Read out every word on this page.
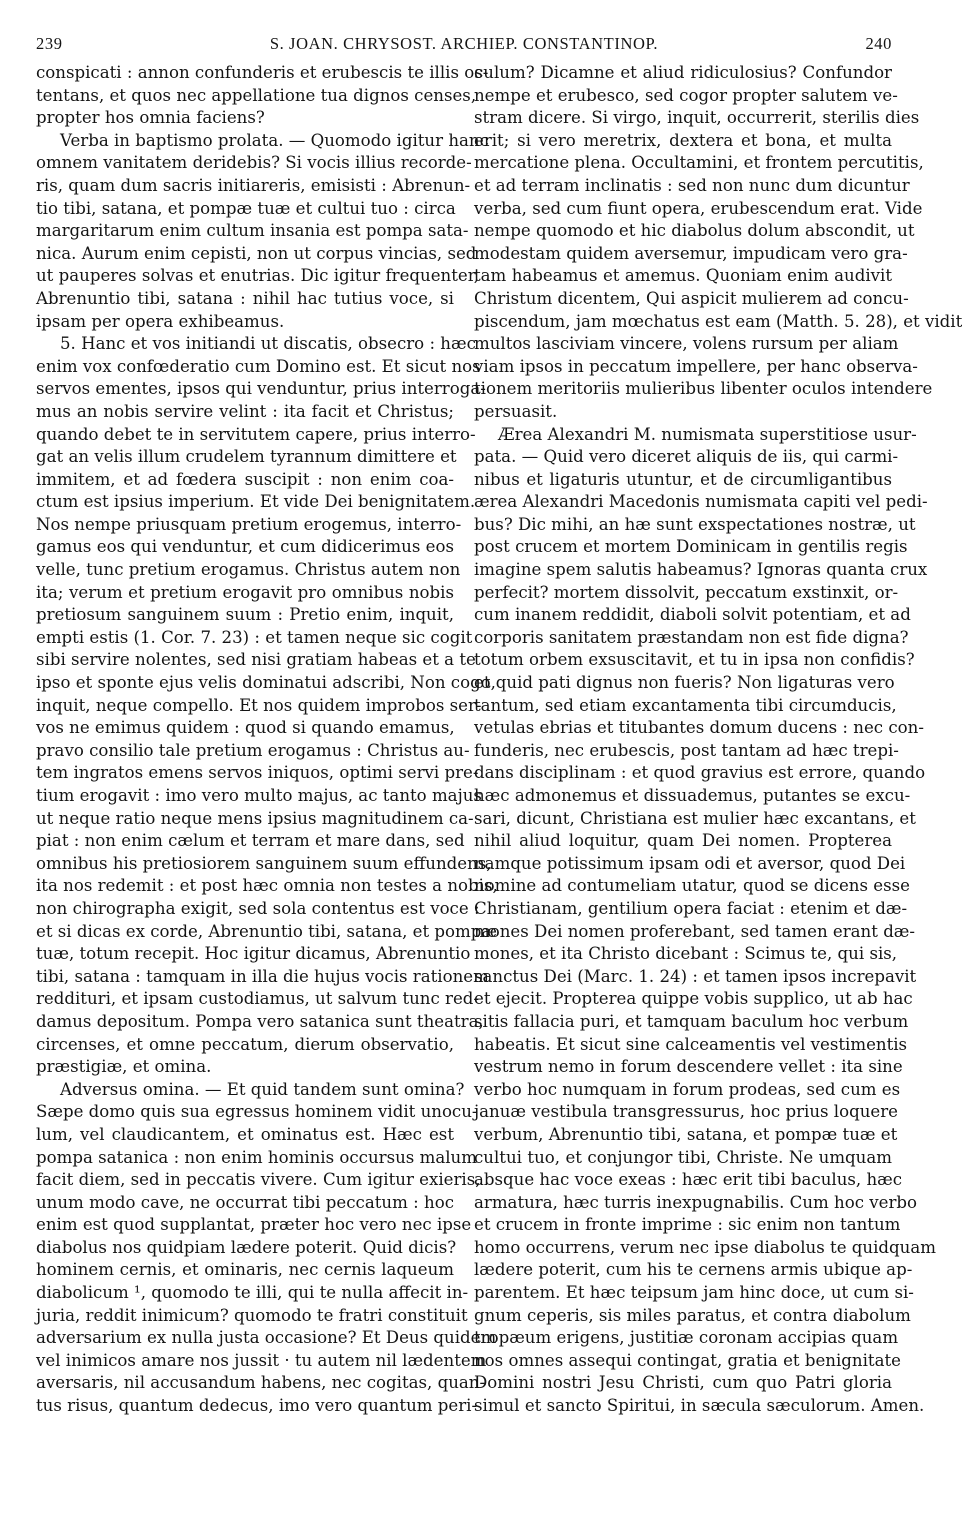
239	S. JOAN. CHRYSOST. ARCHIEP. CONSTANTINOP.	240
conspicati : annon confunderis et erubescis te illis os-
tentans, et quos nec appellatione tua dignos censes,
propter hos omnia faciens?
Verba in baptismo prolata. — Quomodo igitur hanc
omnem vanitatem deridebis? Si vocis illius recorde-
ris, quam dum sacris initiareris, emisisti : Abrenun-
tio tibi, satana, et pompæ tuæ et cultui tuo : circa
margaritarum enim cultum insania est pompa sata-
nica. Aurum enim cepisti, non ut corpus vincias, sed
ut pauperes solvas et enutrias. Dic igitur frequenter,
Abrenuntio tibi, satana : nihil hac tutius voce, si
ipsam per opera exhibeamus.
5. Hanc et vos initiandi ut discatis, obsecro : hæc
enim vox confœderatio cum Domino est. Et sicut nos
servos ementes, ipsos qui venduntur, prius interroga-
mus an nobis servire velint : ita facit et Christus;
quando debet te in servitutem capere, prius interro-
gat an velis illum crudelem tyrannum dimittere et
immitem, et ad fœdera suscipit : non enim coa-
ctum est ipsius imperium. Et vide Dei benignitatem.
Nos nempe priusquam pretium erogemus, interro-
gamus eos qui venduntur, et cum didicerimus eos
velle, tunc pretium erogamus. Christus autem non
ita; verum et pretium erogavit pro omnibus nobis
pretiosum sanguinem suum : Pretio enim, inquit,
empti estis (1. Cor. 7. 23) : et tamen neque sic cogit
sibi servire nolentes, sed nisi gratiam habeas et a te
ipso et sponte ejus velis dominatui adscribi, Non cogo,
inquit, neque compello. Et nos quidem improbos ser-
vos ne emimus quidem : quod si quando emamus,
pravo consilio tale pretium erogamus : Christus au-
tem ingratos emens servos iniquos, optimi servi pre-
tium erogavit : imo vero multo majus, ac tanto majus
ut neque ratio neque mens ipsius magnitudinem ca-
piat : non enim cælum et terram et mare dans, sed
omnibus his pretiosiorem sanguinem suum effundens,
ita nos redemit : et post hæc omnia non testes a nobis,
non chirographa exigit, sed sola contentus est voce :
et si dicas ex corde, Abrenuntio tibi, satana, et pompæ
tuæ, totum recepit. Hoc igitur dicamus, Abrenuntio
tibi, satana : tamquam in illa die hujus vocis rationem
reddituri, et ipsam custodiamus, ut salvum tunc red-
damus depositum. Pompa vero satanica sunt theatra,
circenses, et omne peccatum, dierum observatio,
præstigiæ, et omina.
Adversus omina. — Et quid tandem sunt omina?
Sæpe domo quis sua egressus hominem vidit unocu-
lum, vel claudicantem, et ominatus est. Hæc est
pompa satanica : non enim hominis occursus malum
facit diem, sed in peccatis vivere. Cum igitur exieris,
unum modo cave, ne occurrat tibi peccatum : hoc
enim est quod supplantat, præter hoc vero nec ipse
diabolus nos quidpiam lædere poterit. Quid dicis?
hominem cernis, et ominaris, nec cernis laqueum
diabolicum ¹, quomodo te illi, qui te nulla affecit in-
juria, reddit inimicum? quomodo te fratri constituit
adversarium ex nulla justa occasione? Et Deus quidem
vel inimicos amare nos jussit · tu autem nil lædentem
aversaris, nil accusandum habens, nec cogitas, quan-
tus risus, quantum dedecus, imo vero quantum peri-
culum? Dicamne et aliud ridiculosius? Confundor
nempe et erubesco, sed cogor propter salutem ve-
stram dicere. Si virgo, inquit, occurrerit, sterilis dies
erit; si vero meretrix, dextera et bona, et multa
mercatione plena. Occultamini, et frontem percutitis,
et ad terram inclinatis : sed non nunc dum dicuntur
verba, sed cum fiunt opera, erubescendum erat. Vide
nempe quomodo et hic diabolus dolum abscondit, ut
modestam quidem aversemur, impudicam vero gra-
tam habeamus et amemus. Quoniam enim audivit
Christum dicentem, Qui aspicit mulierem ad concu-
piscendum, jam mœchatus est eam (Matth. 5. 28), et vidit
multos lasciviam vincere, volens rursum per aliam
viam ipsos in peccatum impellere, per hanc observa-
tionem meritoriis mulieribus libenter oculos intendere
persuasit.
Ærea Alexandri M. numismata superstitiose usur-
pata. — Quid vero diceret aliquis de iis, qui carmi-
nibus et ligaturis utuntur, et de circumligantibus
ærea Alexandri Macedonis numismata capiti vel pedi-
bus? Dic mihi, an hæ sunt exspectationes nostræ, ut
post crucem et mortem Dominicam in gentilis regis
imagine spem salutis habeamus? Ignoras quanta crux
perfecit? mortem dissolvit, peccatum exstinxit, or-
cum inanem reddidit, diaboli solvit potentiam, et ad
corporis sanitatem præstandam non est fide digna?
totum orbem exsuscitavit, et tu in ipsa non confidis?
et quid pati dignus non fueris? Non ligaturas vero
tantum, sed etiam excantamenta tibi circumducis,
vetulas ebrias et titubantes domum ducens : nec con-
funderis, nec erubescis, post tantam ad hæc trepi-
dans disciplinam : et quod gravius est errore, quando
hæc admonemus et dissuademus, putantes se excu-
sari, dicunt, Christiana est mulier hæc excantans, et
nihil aliud loquitur, quam Dei nomen. Propterea
namque potissimum ipsam odi et aversor, quod Dei
nomine ad contumeliam utatur, quod se dicens esse
Christianam, gentilium opera faciat : etenim et dæ-
mones Dei nomen proferebant, sed tamen erant dæ-
mones, et ita Christo dicebant : Scimus te, qui sis,
sanctus Dei (Marc. 1. 24) : et tamen ipsos increpavit
et ejecit. Propterea quippe vobis supplico, ut ab hac
sitis fallacia puri, et tamquam baculum hoc verbum
habeatis. Et sicut sine calceamentis vel vestimentis
vestrum nemo in forum descendere vellet : ita sine
verbo hoc numquam in forum prodeas, sed cum es
januæ vestibula transgressurus, hoc prius loquere
verbum, Abrenuntio tibi, satana, et pompæ tuæ et
cultui tuo, et conjungor tibi, Christe. Ne umquam
absque hac voce exeas : hæc erit tibi baculus, hæc
armatura, hæc turris inexpugnabilis. Cum hoc verbo
et crucem in fronte imprime : sic enim non tantum
homo occurrens, verum nec ipse diabolus te quidquam
lædere poterit, cum his te cernens armis ubique ap-
parentem. Et hæc teipsum jam hinc doce, ut cum si-
gnum ceperis, sis miles paratus, et contra diabolum
tropæum erigens, justitiæ coronam accipias quam
nos omnes assequi contingat, gratia et benignitate
Domini nostri Jesu Christi, cum quo Patri gloria
simul et sancto Spiritui, in sæcula sæculorum. Amen.
